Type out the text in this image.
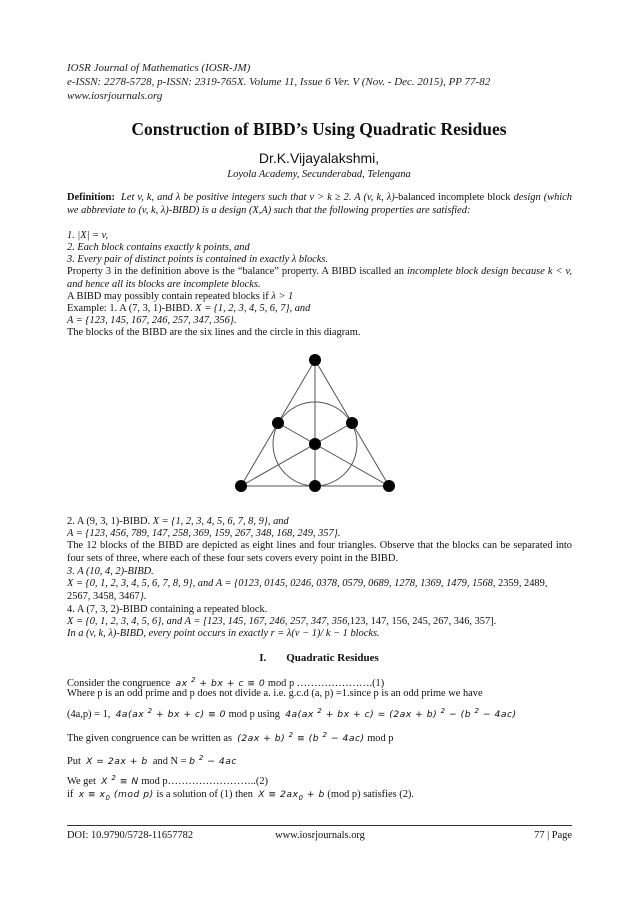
IOSR Journal of Mathematics (IOSR-JM)
e-ISSN: 2278-5728, p-ISSN: 2319-765X. Volume 11, Issue 6 Ver. V (Nov. - Dec. 2015), PP 77-82
www.iosrjournals.org
Construction of BIBD’s Using Quadratic Residues
Dr.K.Vijayalakshmi,
Loyola Academy, Secunderabad, Telengana
Definition: Let v, k, and λ be positive integers such that v > k ≥ 2. A (v, k, λ)-balanced incomplete block design (which we abbreviate to (v, k, λ)-BIBD) is a design (X,A) such that the following properties are satisfied:
1. |X| = v,
2. Each block contains exactly k points, and
3. Every pair of distinct points is contained in exactly λ blocks.
Property 3 in the definition above is the “balance” property. A BIBD iscalled an incomplete block design because k < v, and hence all its blocks are incomplete blocks.
A BIBD may possibly contain repeated blocks if λ > 1
Example: 1. A (7, 3, 1)-BIBD. X = {1, 2, 3, 4, 5, 6, 7}, and
A = {123, 145, 167, 246, 257, 347, 356}.
The blocks of the BIBD are the six lines and the circle in this diagram.
2. A (9, 3, 1)-BIBD. X = {1, 2, 3, 4, 5, 6, 7, 8, 9}, and
A = {123, 456, 789, 147, 258, 369, 159, 267, 348, 168, 249, 357}.
The 12 blocks of the BIBD are depicted as eight lines and four triangles. Observe that the blocks can be separated into four sets of three, where each of these four sets covers every point in the BIBD.
3. A (10, 4, 2)-BIBD.
X = {0, 1, 2, 3, 4, 5, 6, 7, 8, 9}, and A = {0123, 0145, 0246, 0378, 0579, 0689, 1278, 1369, 1479, 1568, 2359, 2489, 2567, 3458, 3467}.
4. A (7, 3, 2)-BIBD containing a repeated block.
X = {0, 1, 2, 3, 4, 5, 6}, and A = [123, 145, 167, 246, 257, 347, 356,123, 147, 156, 245, 267, 346, 357].
In a (v, k, λ)-BIBD, every point occurs in exactly r = λ(v − 1)/ k − 1 blocks.
I. Quadratic Residues
Consider the congruence ax $^2$ + bx + c ≡ 0 mod p ………………….(1)
Where p is an odd prime and p does not divide a. i.e. g.c.d (a, p) =1.since p is an odd prime we have
(4a,p) = 1, 4a(ax $^2$ + bx + c) ≡ 0 mod p using 4a(ax $^2$ + bx + c) = (2ax + b) $^2$ − (b $^2$ − 4ac)
The given congruence can be written as (2ax + b) $^2$ ≡ (b $^2$ − 4ac) mod p
Put X = 2ax + b and N = b $^2$ − 4ac
We get X $^2$ ≡ N mod p……………………..(2)
if $x \equiv x_0$ (mod p) is a solution of (1) then $X \equiv 2ax_0 + b$ (mod p) satisfies (2).
DOI: 10.9790/5728-11657782	www.iosrjournals.org	77 | Page
